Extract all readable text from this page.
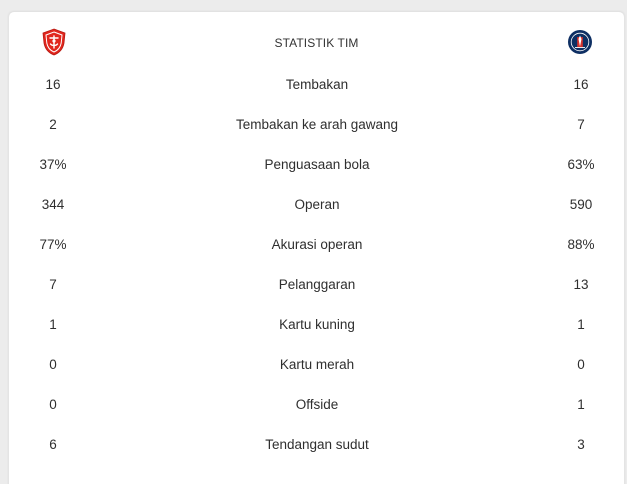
STATISTIK TIM
16	Tembakan	16
2	Tembakan ke arah gawang	7
37%	Penguasaan bola	63%
344	Operan	590
77%	Akurasi operan	88%
7	Pelanggaran	13
1	Kartu kuning	1
0	Kartu merah	0
0	Offside	1
6	Tendangan sudut	3
